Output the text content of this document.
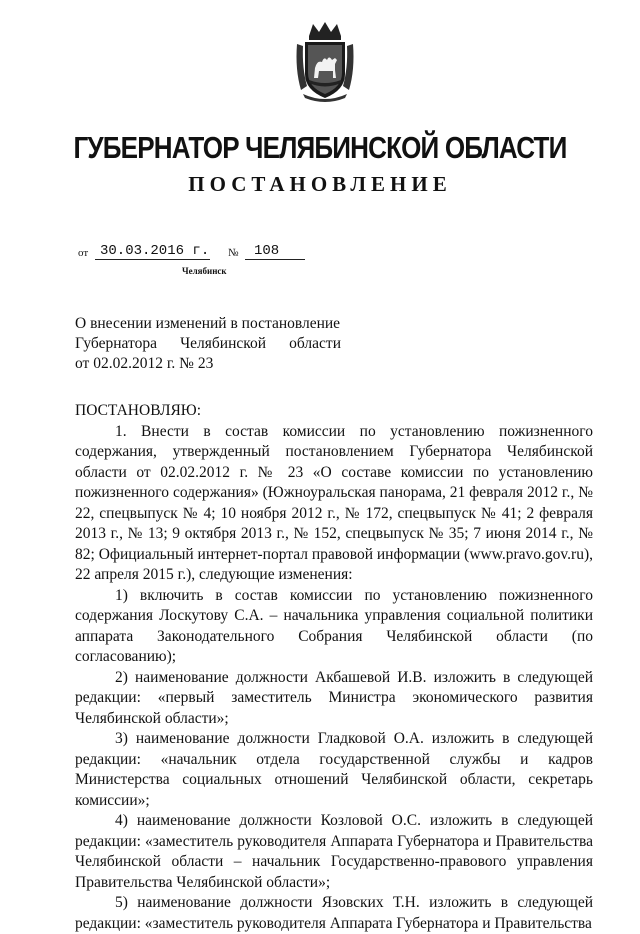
ГУБЕРНАТОР ЧЕЛЯБИНСКОЙ ОБЛАСТИ
ПОСТАНОВЛЕНИЕ
от 30.03.2016 г. № 108
Челябинск
О внесении изменений в постановление
Губернатора Челябинской области
от 02.02.2012 г. № 23

ПОСТАНОВЛЯЮ:

1. Внести в состав комиссии по установлению пожизненного содержания, утвержденный постановлением Губернатора Челябинской области от 02.02.2012 г. № 23 «О составе комиссии по установлению пожизненного содержания» (Южноуральская панорама, 21 февраля 2012 г., № 22, спецвыпуск № 4; 10 ноября 2012 г., № 172, спецвыпуск № 41; 2 февраля 2013 г., № 13; 9 октября 2013 г., № 152, спецвыпуск № 35; 7 июня 2014 г., № 82; Официальный интернет-портал правовой информации (www.pravo.gov.ru), 22 апреля 2015 г.), следующие изменения:

1) включить в состав комиссии по установлению пожизненного содержания Лоскутову С.А. – начальника управления социальной политики аппарата Законодательного Собрания Челябинской области (по согласованию);

2) наименование должности Акбашевой И.В. изложить в следующей редакции: «первый заместитель Министра экономического развития Челябинской области»;

3) наименование должности Гладковой О.А. изложить в следующей редакции: «начальник отдела государственной службы и кадров Министерства социальных отношений Челябинской области, секретарь комиссии»;

4) наименование должности Козловой О.С. изложить в следующей редакции: «заместитель руководителя Аппарата Губернатора и Правительства Челябинской области – начальник Государственно-правового управления Правительства Челябинской области»;

5) наименование должности Язовских Т.Н. изложить в следующей редакции: «заместитель руководителя Аппарата Губернатора и Правительства
